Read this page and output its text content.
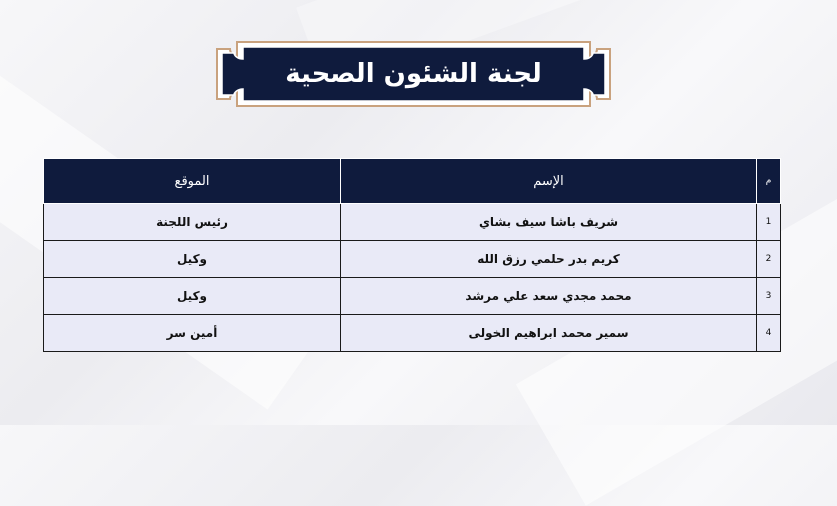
لجنة الشئون الصحية
م	الإسم	الموقع
1	شريف باشا سيف بشاي	رئيس اللجنة
2	كريم بدر حلمي رزق الله	وكيل
3	محمد مجدي سعد علي مرشد	وكيل
4	سمير محمد ابراهيم الخولى	أمين سر
